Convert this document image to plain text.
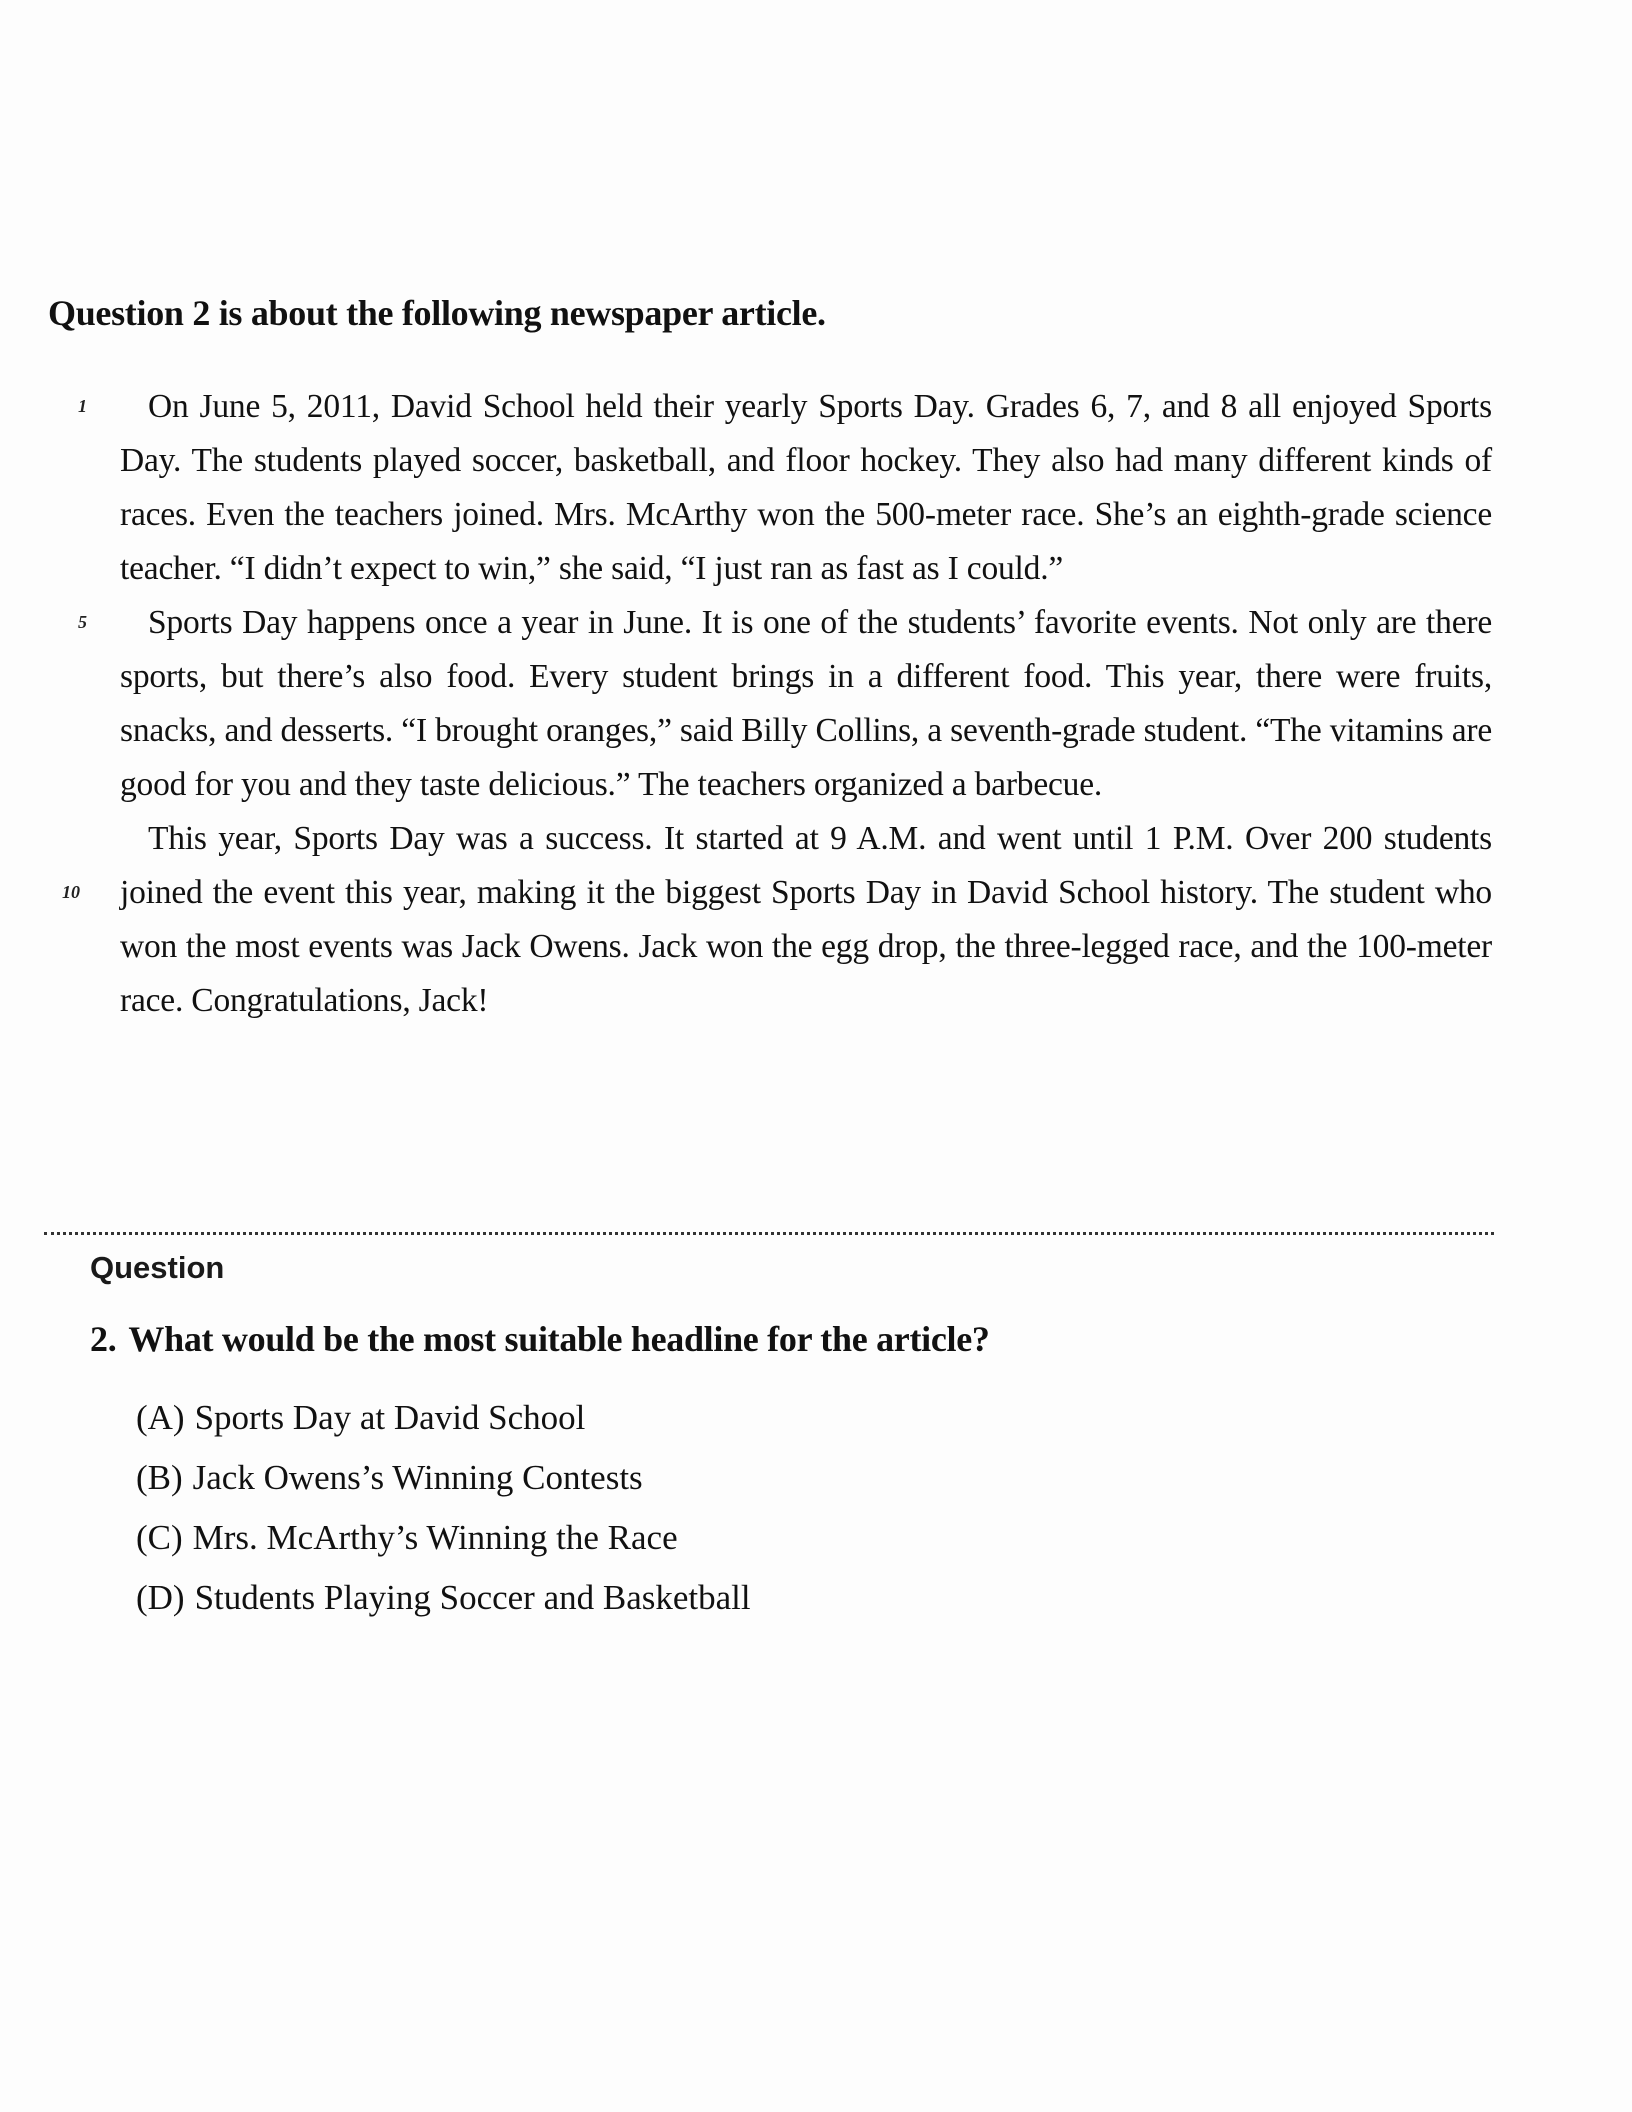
Question 2 is about the following newspaper article.
1
5
10

On June 5, 2011, David School held their yearly Sports Day. Grades 6, 7, and 8 all enjoyed Sports Day. The students played soccer, basketball, and floor hockey. They also had many different kinds of races. Even the teachers joined. Mrs. McArthy won the 500-meter race. She’s an eighth-grade science teacher. “I didn’t expect to win,” she said, “I just ran as fast as I could.”

Sports Day happens once a year in June. It is one of the students’ favorite events. Not only are there sports, but there’s also food. Every student brings in a different food. This year, there were fruits, snacks, and desserts. “I brought oranges,” said Billy Collins, a seventh-grade student. “The vitamins are good for you and they taste delicious.” The teachers organized a barbecue.

This year, Sports Day was a success. It started at 9 A.M. and went until 1 P.M. Over 200 students joined the event this year, making it the biggest Sports Day in David School history. The student who won the most events was Jack Owens. Jack won the egg drop, the three-legged race, and the 100-meter race. Congratulations, Jack!

Question
2. What would be the most suitable headline for the article?
(A) Sports Day at David School
(B) Jack Owens’s Winning Contests
(C) Mrs. McArthy’s Winning the Race
(D) Students Playing Soccer and Basketball
